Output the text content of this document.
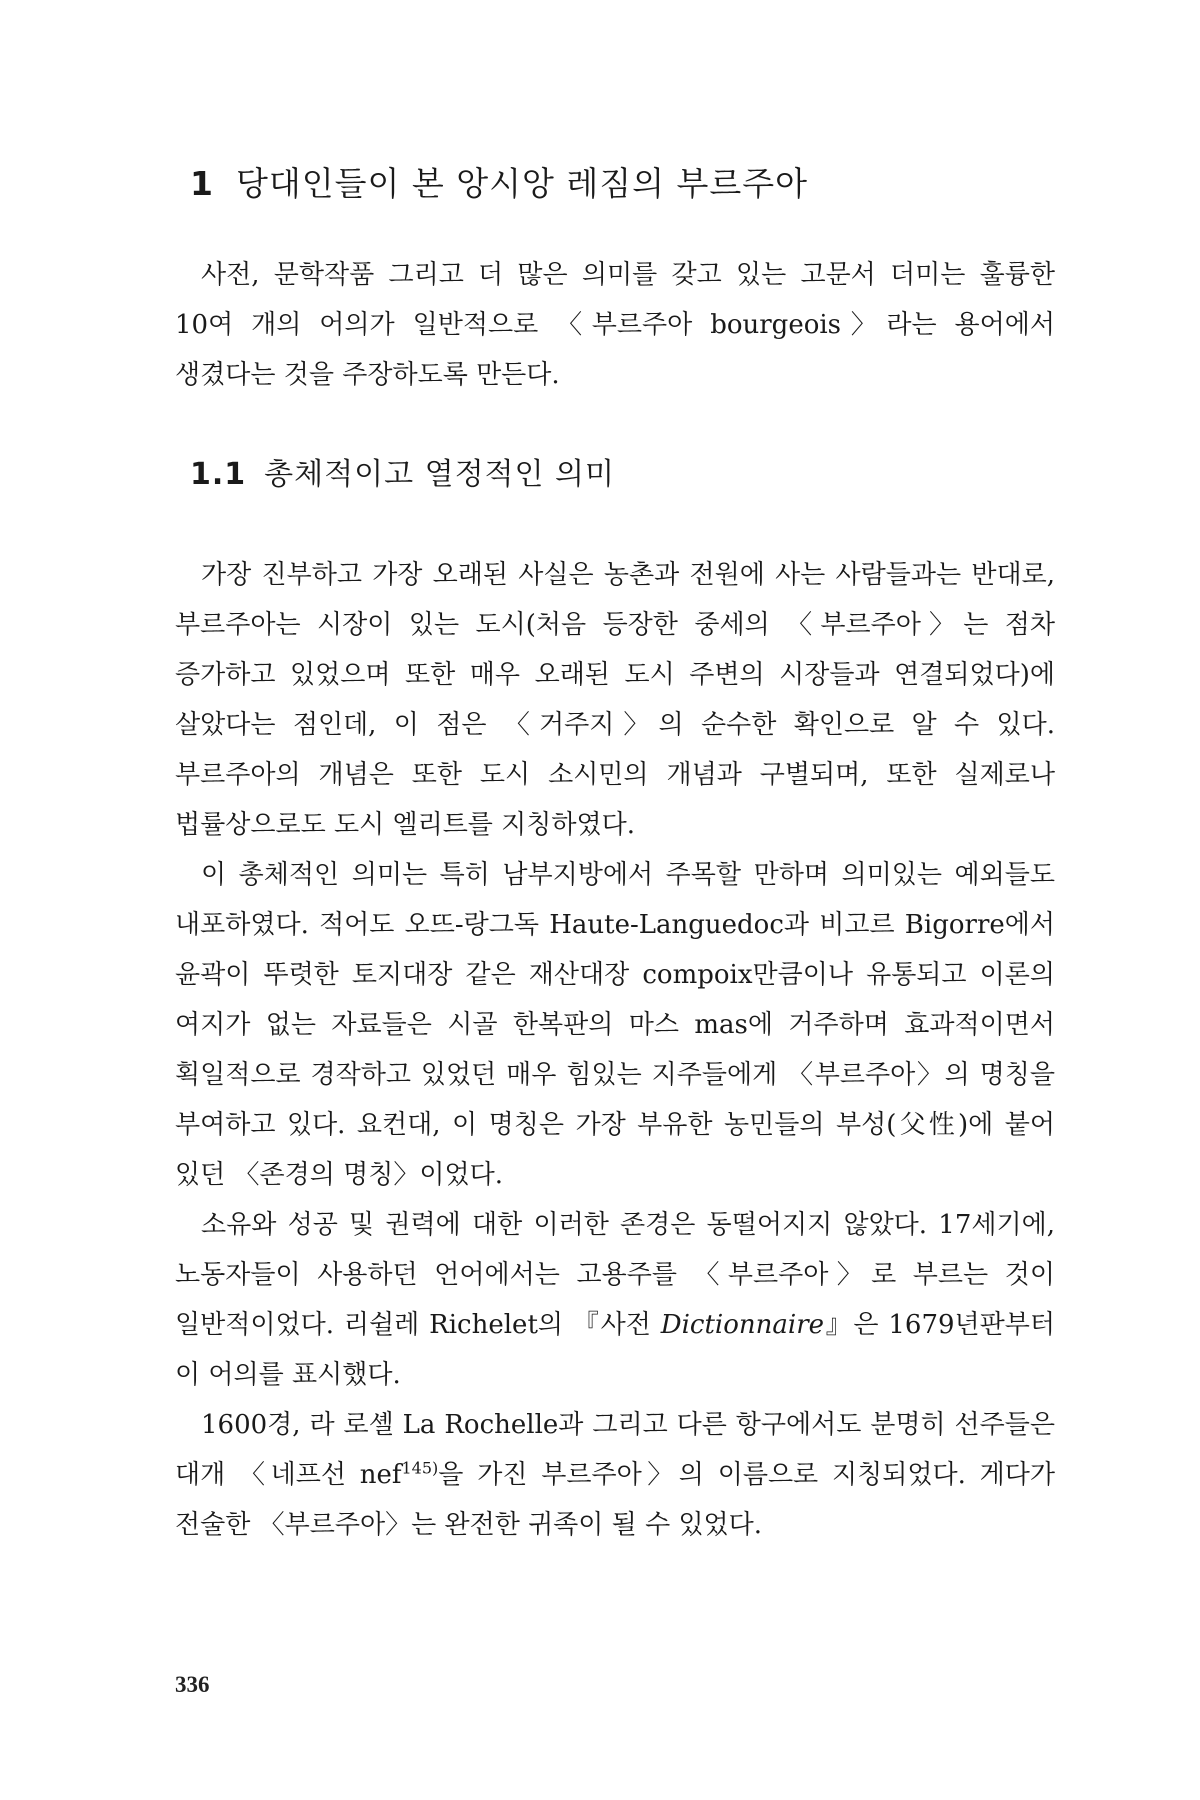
1 당대인들이 본 앙시앙 레짐의 부르주아

사전, 문학작품 그리고 더 많은 의미를 갖고 있는 고문서 더미는 훌륭한 10여 개의 어의가 일반적으로 〈부르주아 bourgeois〉라는 용어에서 생겼다는 것을 주장하도록 만든다.

1.1 총체적이고 열정적인 의미

가장 진부하고 가장 오래된 사실은 농촌과 전원에 사는 사람들과는 반대로, 부르주아는 시장이 있는 도시(처음 등장한 중세의 〈부르주아〉는 점차 증가하고 있었으며 또한 매우 오래된 도시 주변의 시장들과 연결되었다)에 살았다는 점인데, 이 점은 〈거주지〉의 순수한 확인으로 알 수 있다. 부르주아의 개념은 또한 도시 소시민의 개념과 구별되며, 또한 실제로나 법률상으로도 도시 엘리트를 지칭하였다.

이 총체적인 의미는 특히 남부지방에서 주목할 만하며 의미있는 예외들도 내포하였다. 적어도 오뜨-랑그독 Haute-Languedoc과 비고르 Bigorre에서 윤곽이 뚜렷한 토지대장 같은 재산대장 compoix만큼이나 유통되고 이론의 여지가 없는 자료들은 시골 한복판의 마스 mas에 거주하며 효과적이면서 획일적으로 경작하고 있었던 매우 힘있는 지주들에게 〈부르주아〉의 명칭을 부여하고 있다. 요컨대, 이 명칭은 가장 부유한 농민들의 부성(父性)에 붙어 있던 〈존경의 명칭〉이었다.

소유와 성공 및 권력에 대한 이러한 존경은 동떨어지지 않았다. 17세기에, 노동자들이 사용하던 언어에서는 고용주를 〈부르주아〉로 부르는 것이 일반적이었다. 리쉴레 Richelet의 『사전 Dictionnaire』은 1679년판부터 이 어의를 표시했다.

1600경, 라 로셸 La Rochelle과 그리고 다른 항구에서도 분명히 선주들은 대개 〈네프선 nef$^{145)}$을 가진 부르주아〉의 이름으로 지칭되었다. 게다가 전술한 〈부르주아〉는 완전한 귀족이 될 수 있었다.

336
